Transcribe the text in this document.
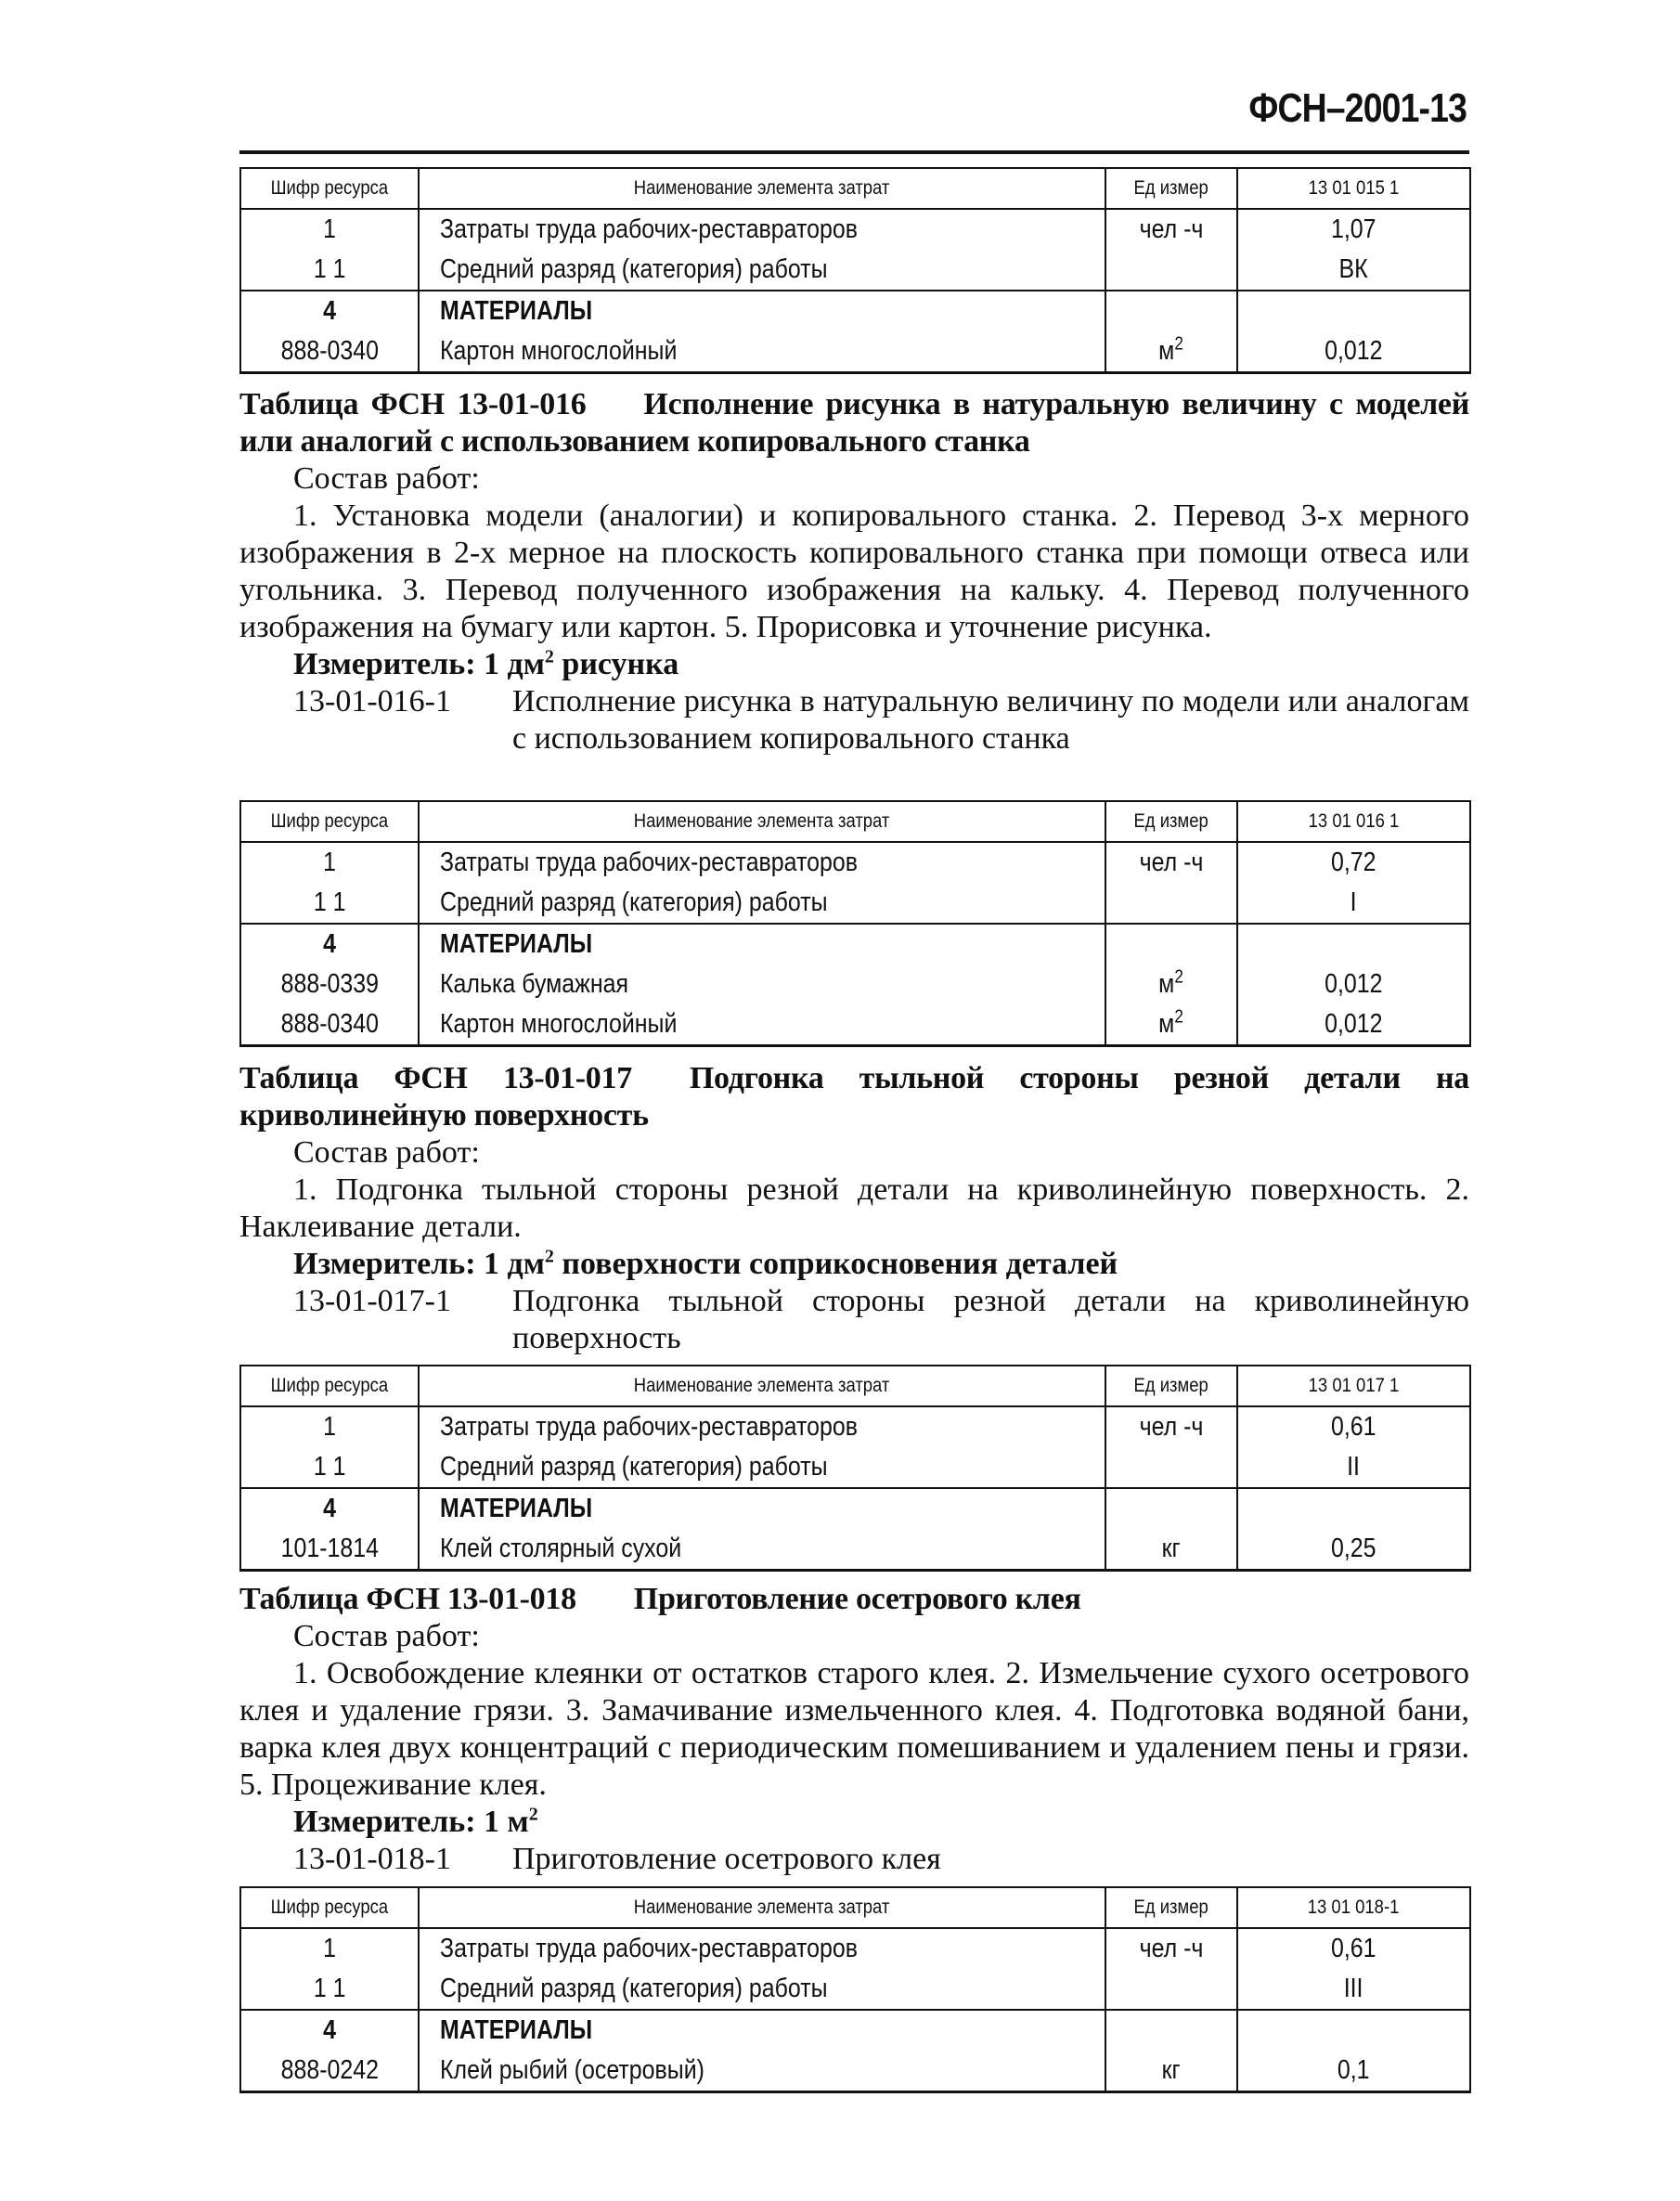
ФСН–2001-13
Шифр ресурса	Наименование элемента затрат	Ед измер	13 01 015 1
1	Затраты труда рабочих-реставраторов	чел -ч	1,07
1 1	Средний разряд (категория) работы		ВК
4	МАТЕРИАЛЫ		
888-0340	Картон многослойный	$м^2$	0,012
Таблица ФСН 13-01-016 Исполнение рисунка в натуральную величину с моделей или аналогий с использованием копировального станка
Состав работ:
1. Установка модели (аналогии) и копировального станка. 2. Перевод 3-х мерного изображения в 2-х мерное на плоскость копировального станка при помощи отвеса или угольника. 3. Перевод полученного изображения на кальку. 4. Перевод полученного изображения на бумагу или картон. 5. Прорисовка и уточнение рисунка.
Измеритель: 1 $дм^2$ рисунка
13-01-016-1	Исполнение рисунка в натуральную величину по модели или аналогам с использованием копировального станка
Шифр ресурса	Наименование элемента затрат	Ед измер	13 01 016 1
1	Затраты труда рабочих-реставраторов	чел -ч	0,72
1 1	Средний разряд (категория) работы		I
4	МАТЕРИАЛЫ		
888-0339	Калька бумажная	$м^2$	0,012
888-0340	Картон многослойный	$м^2$	0,012
Таблица ФСН 13-01-017 Подгонка тыльной стороны резной детали на криволинейную поверхность
Состав работ:
1. Подгонка тыльной стороны резной детали на криволинейную поверхность. 2. Наклеивание детали.
Измеритель: 1 $дм^2$ поверхности соприкосновения деталей
13-01-017-1	Подгонка тыльной стороны резной детали на криволинейную поверхность
Шифр ресурса	Наименование элемента затрат	Ед измер	13 01 017 1
1	Затраты труда рабочих-реставраторов	чел -ч	0,61
1 1	Средний разряд (категория) работы		II
4	МАТЕРИАЛЫ		
101-1814	Клей столярный сухой	кг	0,25
Таблица ФСН 13-01-018 Приготовление осетрового клея
Состав работ:
1. Освобождение клеянки от остатков старого клея. 2. Измельчение сухого осетрового клея и удаление грязи. 3. Замачивание измельченного клея. 4. Подготовка водяной бани, варка клея двух концентраций с периодическим помешиванием и удалением пены и грязи. 5. Процеживание клея.
Измеритель: 1 $м^2$
13-01-018-1	Приготовление осетрового клея
Шифр ресурса	Наименование элемента затрат	Ед измер	13 01 018-1
1	Затраты труда рабочих-реставраторов	чел -ч	0,61
1 1	Средний разряд (категория) работы		III
4	МАТЕРИАЛЫ		
888-0242	Клей рыбий (осетровый)	кг	0,1
